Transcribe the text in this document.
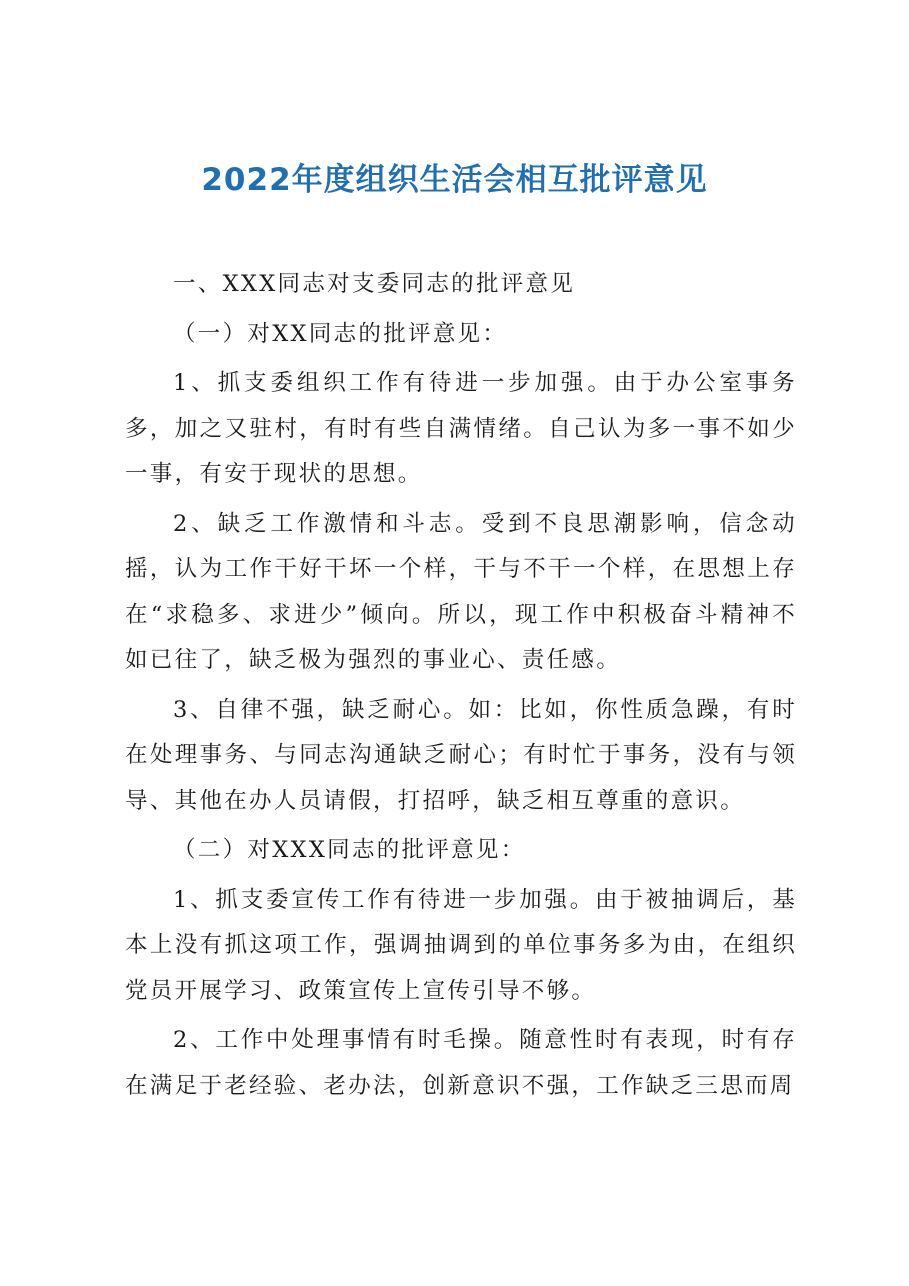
2022年度组织生活会相互批评意见

一、XXX同志对支委同志的批评意见

（一）对XX同志的批评意见：

1、抓支委组织工作有待进一步加强。由于办公室事务多，加之又驻村，有时有些自满情绪。自己认为多一事不如少一事，有安于现状的思想。

2、缺乏工作激情和斗志。受到不良思潮影响，信念动摇，认为工作干好干坏一个样，干与不干一个样，在思想上存在“求稳多、求进少”倾向。所以，现工作中积极奋斗精神不如已往了，缺乏极为强烈的事业心、责任感。

3、自律不强，缺乏耐心。如：比如，你性质急躁，有时在处理事务、与同志沟通缺乏耐心；有时忙于事务，没有与领导、其他在办人员请假，打招呼，缺乏相互尊重的意识。

（二）对XXX同志的批评意见：

1、抓支委宣传工作有待进一步加强。由于被抽调后，基本上没有抓这项工作，强调抽调到的单位事务多为由，在组织党员开展学习、政策宣传上宣传引导不够。

2、工作中处理事情有时毛操。随意性时有表现，时有存在满足于老经验、老办法，创新意识不强，工作缺乏三思而周
